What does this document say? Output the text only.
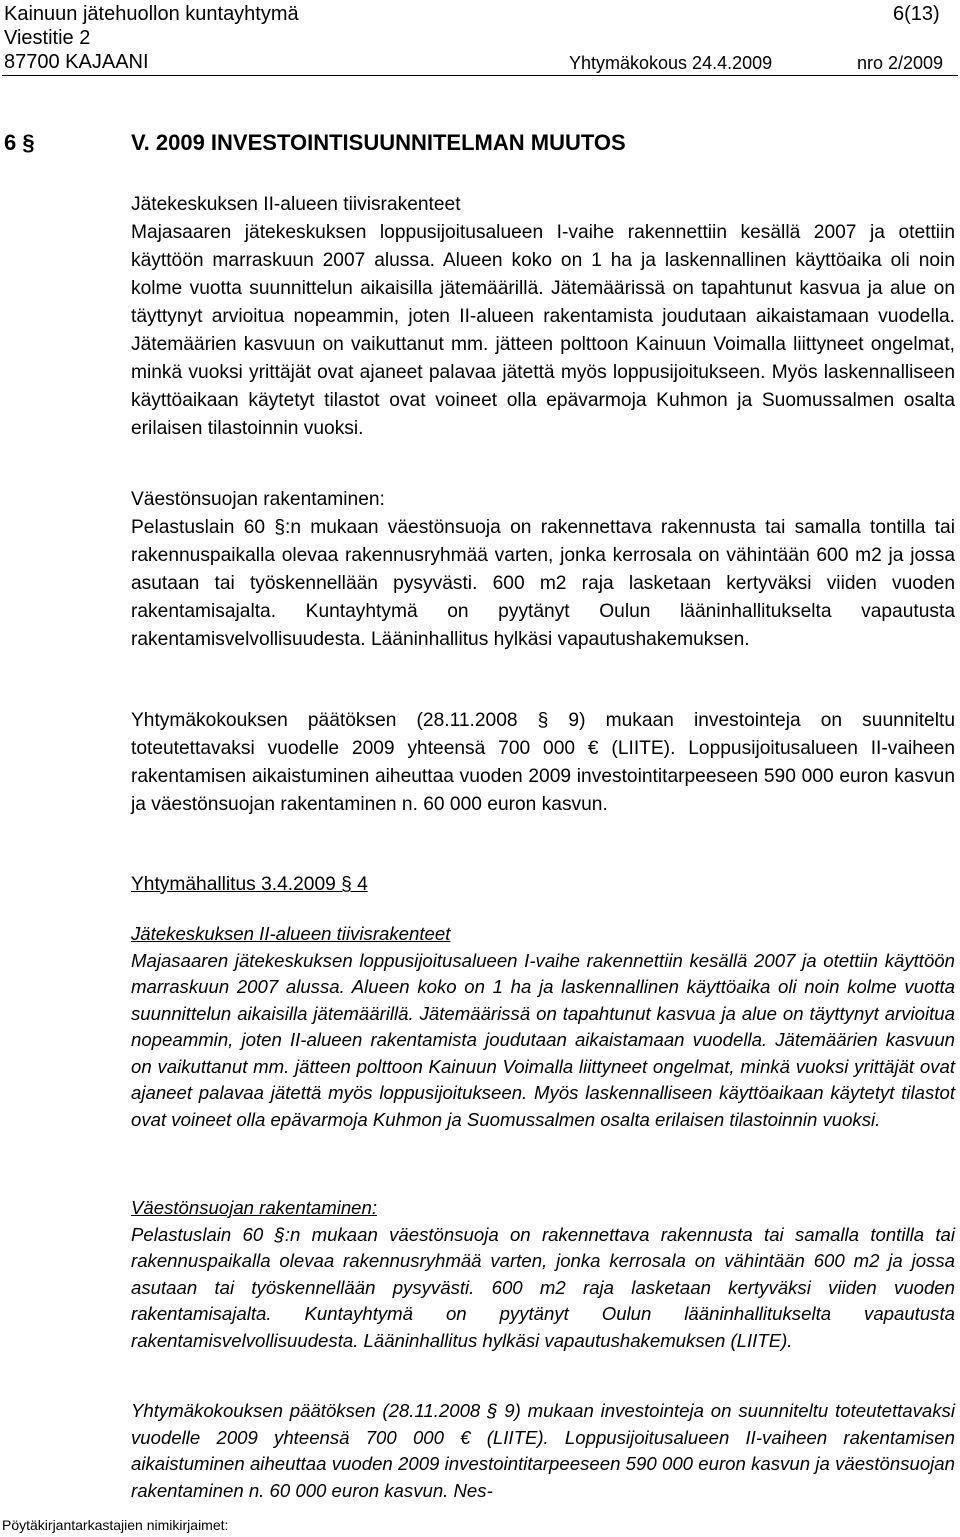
Kainuun jätehuollon kuntayhtymä	6(13)
Viestitie 2
87700 KAJAANI	Yhtymäkokous 24.4.2009	nro 2/2009
6 §	V. 2009 INVESTOINTISUUNNITELMAN MUUTOS

Jätekeskuksen II-alueen tiivisrakenteet

Majasaaren jätekeskuksen loppusijoitusalueen I-vaihe rakennettiin kesällä 2007 ja otettiin käyttöön marraskuun 2007 alussa. Alueen koko on 1 ha ja laskennallinen käyttöaika oli noin kolme vuotta suunnittelun aikaisilla jätemäärillä. Jätemäärissä on tapahtunut kasvua ja alue on täyttynyt arvioitua nopeammin, joten II-alueen rakentamista joudutaan aikaistamaan vuodella. Jätemäärien kasvuun on vaikuttanut mm. jätteen polttoon Kainuun Voimalla liittyneet ongelmat, minkä vuoksi yrittäjät ovat ajaneet palavaa jätettä myös loppusijoitukseen. Myös laskennalliseen käyttöaikaan käytetyt tilastot ovat voineet olla epävarmoja Kuhmon ja Suomussalmen osalta erilaisen tilastoinnin vuoksi.

Väestönsuojan rakentaminen:

Pelastuslain 60 §:n mukaan väestönsuoja on rakennettava rakennusta tai samalla tontilla tai rakennuspaikalla olevaa rakennusryhmää varten, jonka kerrosala on vähintään 600 m2 ja jossa asutaan tai työskennellään pysyvästi. 600 m2 raja lasketaan kertyväksi viiden vuoden rakentamisajalta. Kuntayhtymä on pyytänyt Oulun lääninhallitukselta vapautusta rakentamisvelvollisuudesta. Lääninhallitus hylkäsi vapautushakemuksen.

Yhtymäkokouksen päätöksen (28.11.2008 § 9) mukaan investointeja on suunniteltu toteutettavaksi vuodelle 2009 yhteensä 700 000 € (LIITE). Loppusijoitusalueen II-vaiheen rakentamisen aikaistuminen aiheuttaa vuoden 2009 investointitarpeeseen 590 000 euron kasvun ja väestönsuojan rakentaminen n. 60 000 euron kasvun.

Yhtymähallitus 3.4.2009 § 4

Jätekeskuksen II-alueen tiivisrakenteet

Majasaaren jätekeskuksen loppusijoitusalueen I-vaihe rakennettiin kesällä 2007 ja otettiin käyttöön marraskuun 2007 alussa. Alueen koko on 1 ha ja laskennallinen käyttöaika oli noin kolme vuotta suunnittelun aikaisilla jätemäärillä. Jätemäärissä on tapahtunut kasvua ja alue on täyttynyt arvioitua nopeammin, joten II-alueen rakentamista joudutaan aikaistamaan vuodella. Jätemäärien kasvuun on vaikuttanut mm. jätteen polttoon Kainuun Voimalla liittyneet ongelmat, minkä vuoksi yrittäjät ovat ajaneet palavaa jätettä myös loppusijoitukseen. Myös laskennalliseen käyttöaikaan käytetyt tilastot ovat voineet olla epävarmoja Kuhmon ja Suomussalmen osalta erilaisen tilastoinnin vuoksi.

Väestönsuojan rakentaminen:

Pelastuslain 60 §:n mukaan väestönsuoja on rakennettava rakennusta tai samalla tontilla tai rakennuspaikalla olevaa rakennusryhmää varten, jonka kerrosala on vähintään 600 m2 ja jossa asutaan tai työskennellään pysyvästi. 600 m2 raja lasketaan kertyväksi viiden vuoden rakentamisajalta. Kuntayhtymä on pyytänyt Oulun lääninhallitukselta vapautusta rakentamisvelvollisuudesta. Lääninhallitus hylkäsi vapautushakemuksen (LIITE).

Yhtymäkokouksen päätöksen (28.11.2008 § 9) mukaan investointeja on suunniteltu toteutettavaksi vuodelle 2009 yhteensä 700 000 € (LIITE). Loppusijoitusalueen II-vaiheen rakentamisen aikaistuminen aiheuttaa vuoden 2009 investointitarpeeseen 590 000 euron kasvun ja väestönsuojan rakentaminen n. 60 000 euron kasvun. Nes-

Pöytäkirjantarkastajien nimikirjaimet:
